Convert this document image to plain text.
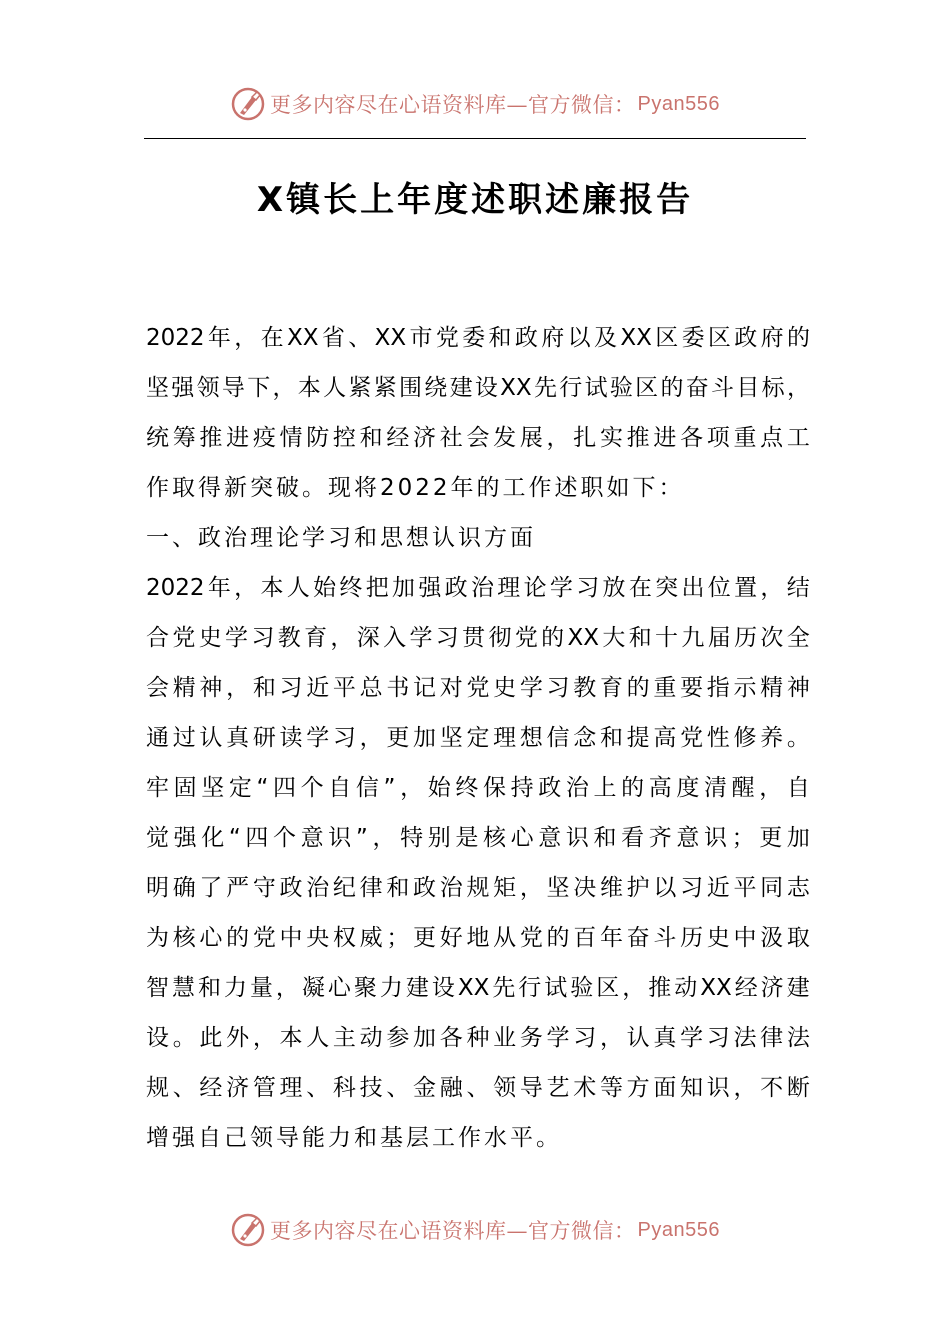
更多内容尽在心语资料库—官方微信： Pyan556
X镇长上年度述职述廉报告
2022 年 ， 在 XX 省 、 XX 市 党 委 和 政 府 以 及 XX 区 委 区 政 府 的
坚 强 领 导 下 ， 本 人 紧 紧 围 绕 建 设 XX 先 行 试 验 区 的 奋 斗 目 标 ，
统 筹 推 进 疫 情 防 控 和 经 济 社 会 发 展 ， 扎 实 推 进 各 项 重 点 工
作取得新突破。现将2022年的工作述职如下：
一、政治理论学习和思想认识方面
2022 年 ， 本 人 始 终 把 加 强 政 治 理 论 学 习 放 在 突 出 位 置 ， 结
合 党 史 学 习 教 育 ， 深 入 学 习 贯 彻 党 的 XX 大 和 十 九 届 历 次 全
会 精 神 ， 和 习 近 平 总 书 记 对 党 史 学 习 教 育 的 重 要 指 示 精 神
通 过 认 真 研 读 学 习 ， 更 加 坚 定 理 想 信 念 和 提 高 党 性 修 养 。
牢 固 坚 定 “ 四 个 自 信 ” ， 始 终 保 持 政 治 上 的 高 度 清 醒 ， 自
觉 强 化 “ 四 个 意 识 ” ， 特 别 是 核 心 意 识 和 看 齐 意 识 ； 更 加
明 确 了 严 守 政 治 纪 律 和 政 治 规 矩 ， 坚 决 维 护 以 习 近 平 同 志
为 核 心 的 党 中 央 权 威 ； 更 好 地 从 党 的 百 年 奋 斗 历 史 中 汲 取
智 慧 和 力 量 ， 凝 心 聚 力 建 设 XX 先 行 试 验 区 ， 推 动 XX 经 济 建
设 。 此 外 ， 本 人 主 动 参 加 各 种 业 务 学 习 ， 认 真 学 习 法 律 法
规 、 经 济 管 理 、 科 技 、 金 融 、 领 导 艺 术 等 方 面 知 识 ， 不 断
增强自己领导能力和基层工作水平。
更多内容尽在心语资料库—官方微信： Pyan556
